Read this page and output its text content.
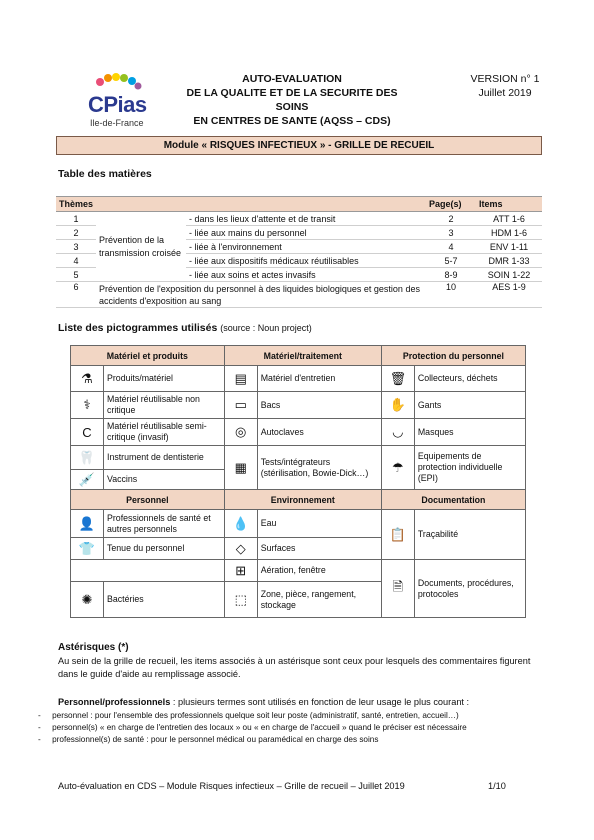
CPias
Ile-de-France
AUTO-EVALUATION
DE LA QUALITE ET DE LA SECURITE DES SOINS
EN CENTRES DE SANTE (AQSS – CDS)
VERSION n° 1
Juillet 2019
Module « RISQUES INFECTIEUX » - GRILLE DE RECUEIL
Table des matières
Thèmes			Page(s)	Items
1	Prévention de la transmission croisée	- dans les lieux d'attente et de transit	2	ATT 1-6
2		- liée aux mains du personnel	3	HDM 1-6
3		- liée à l'environnement	4	ENV 1-11
4		- liée aux dispositifs médicaux réutilisables	5-7	DMR 1-33
5		- liée aux soins et actes invasifs	8-9	SOIN 1-22
6	Prévention de l'exposition du personnel à des liquides biologiques et gestion des accidents d'exposition au sang		10	AES 1-9
Liste des pictogrammes utilisés (source : Noun project)
Matériel et produits		Matériel/traitement		Protection du personnel	
⚗	Produits/matériel	▤	Matériel d'entretien	🗑	Collecteurs, déchets
⚕	Matériel réutilisable non critique	▭	Bacs	✋	Gants
C	Matériel réutilisable semi-critique (invasif)	◎	Autoclaves	◡	Masques
🦷	Instrument de dentisterie	▦	Tests/intégrateurs (stérilisation, Bowie-Dick…)	☂	Equipements de protection individuelle (EPI)
💉	Vaccins				
Personnel		Environnement		Documentation	
👤	Professionnels de santé et autres personnels	💧	Eau	📋	Traçabilité
👕	Tenue du personnel	◇	Surfaces		
		⊞	Aération, fenêtre	🗎	Documents, procédures, protocoles
✺	Bactéries	⬚	Zone, pièce, rangement, stockage		
Astérisques (*)
Au sein de la grille de recueil, les items associés à un astérisque sont ceux pour lesquels des commentaires figurent dans le guide d'aide au remplissage associé.
Personnel/professionnels : plusieurs termes sont utilisés en fonction de leur usage le plus courant :
-     personnel : pour l'ensemble des professionnels quelque soit leur poste (administratif, santé, entretien, accueil…)
-     personnel(s) « en charge de l'entretien des locaux » ou « en charge de l'accueil » quand le préciser est nécessaire
-     professionnel(s) de santé : pour le personnel médical ou paramédical en charge des soins
Auto-évaluation en CDS – Module Risques infectieux – Grille de recueil – Juillet 2019	1/10
